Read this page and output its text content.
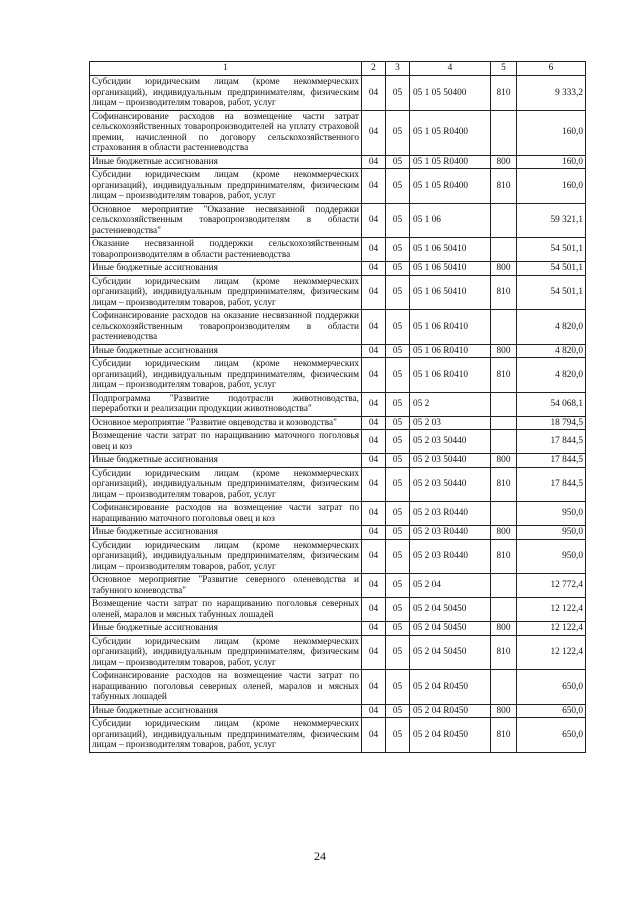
1	2	3	4	5	6
Субсидии юридическим лицам (кроме некоммерческих организаций), индивидуальным предпринимателям, физическим лицам – производителям товаров, работ, услуг	04	05	05 1 05 50400	810	9 333,2
Софинансирование расходов на возмещение части затрат сельскохозяйственных товаропроизводителей на уплату страховой премии, начисленной по договору сельскохозяйственного страхования в области растениеводства	04	05	05 1 05 R0400		160,0
Иные бюджетные ассигнования	04	05	05 1 05 R0400	800	160,0
Субсидии юридическим лицам (кроме некоммерческих организаций), индивидуальным предпринимателям, физическим лицам – производителям товаров, работ, услуг	04	05	05 1 05 R0400	810	160,0
Основное мероприятие "Оказание несвязанной поддержки сельскохозяйственным товаропроизводителям в области растениеводства"	04	05	05 1 06		59 321,1
Оказание несвязанной поддержки сельскохозяйственным товаропроизводителям в области растениеводства	04	05	05 1 06 50410		54 501,1
Иные бюджетные ассигнования	04	05	05 1 06 50410	800	54 501,1
Субсидии юридическим лицам (кроме некоммерческих организаций), индивидуальным предпринимателям, физическим лицам – производителям товаров, работ, услуг	04	05	05 1 06 50410	810	54 501,1
Софинансирование расходов на оказание несвязанной поддержки сельскохозяйственным товаропроизводителям в области растениеводства	04	05	05 1 06 R0410		4 820,0
Иные бюджетные ассигнования	04	05	05 1 06 R0410	800	4 820,0
Субсидии юридическим лицам (кроме некоммерческих организаций), индивидуальным предпринимателям, физическим лицам – производителям товаров, работ, услуг	04	05	05 1 06 R0410	810	4 820,0
Подпрограмма "Развитие подотрасли животноводства, переработки и реализации продукции животноводства"	04	05	05 2		54 068,1
Основное мероприятие "Развитие овцеводства и козоводства"	04	05	05 2 03		18 794,5
Возмещение части затрат по наращиванию маточного поголовья овец и коз	04	05	05 2 03 50440		17 844,5
Иные бюджетные ассигнования	04	05	05 2 03 50440	800	17 844,5
Субсидии юридическим лицам (кроме некоммерческих организаций), индивидуальным предпринимателям, физическим лицам – производителям товаров, работ, услуг	04	05	05 2 03 50440	810	17 844,5
Софинансирование расходов на возмещение части затрат по наращиванию маточного поголовья овец и коз	04	05	05 2 03 R0440		950,0
Иные бюджетные ассигнования	04	05	05 2 03 R0440	800	950,0
Субсидии юридическим лицам (кроме некоммерческих организаций), индивидуальным предпринимателям, физическим лицам – производителям товаров, работ, услуг	04	05	05 2 03 R0440	810	950,0
Основное мероприятие "Развитие северного оленеводства и табунного коневодства"	04	05	05 2 04		12 772,4
Возмещение части затрат по наращиванию поголовья северных оленей, маралов и мясных табунных лошадей	04	05	05 2 04 50450		12 122,4
Иные бюджетные ассигнования	04	05	05 2 04 50450	800	12 122,4
Субсидии юридическим лицам (кроме некоммерческих организаций), индивидуальным предпринимателям, физическим лицам – производителям товаров, работ, услуг	04	05	05 2 04 50450	810	12 122,4
Софинансирование расходов на возмещение части затрат по наращиванию поголовья северных оленей, маралов и мясных табунных лошадей	04	05	05 2 04 R0450		650,0
Иные бюджетные ассигнования	04	05	05 2 04 R0450	800	650,0
Субсидии юридическим лицам (кроме некоммерческих организаций), индивидуальным предпринимателям, физическим лицам – производителям товаров, работ, услуг	04	05	05 2 04 R0450	810	650,0
24
